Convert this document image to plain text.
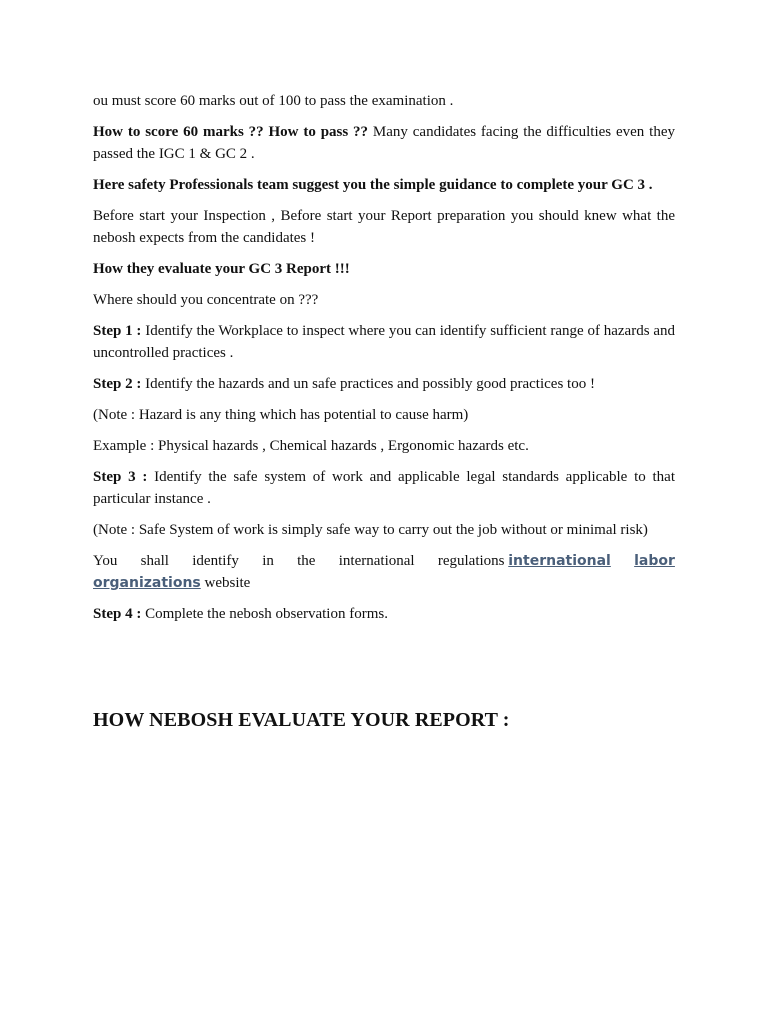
ou must score 60 marks out of 100 to pass the examination .

How to score 60 marks ?? How to pass ?? Many candidates facing the difficulties even they passed the IGC 1 & GC 2 .

Here safety Professionals team suggest you the simple guidance to complete your GC 3 .

Before start your Inspection , Before start your Report preparation you should knew what the nebosh expects from the candidates !

How they evaluate your GC 3 Report !!!

Where should you concentrate on ???

Step 1 : Identify the Workplace to inspect where you can identify sufficient range of hazards and uncontrolled practices .

Step 2 : Identify the hazards and un safe practices and possibly good practices too !

(Note : Hazard is any thing which has potential to cause harm)

Example : Physical hazards , Chemical hazards , Ergonomic hazards etc.

Step 3 : Identify the safe system of work and applicable legal standards applicable to that particular instance .

(Note : Safe System of work is simply safe way to carry out the job without or minimal risk)

You shall identify in the international regulations international labor
organizations website

Step 4 : Complete the nebosh observation forms.

HOW NEBOSH EVALUATE YOUR REPORT :
